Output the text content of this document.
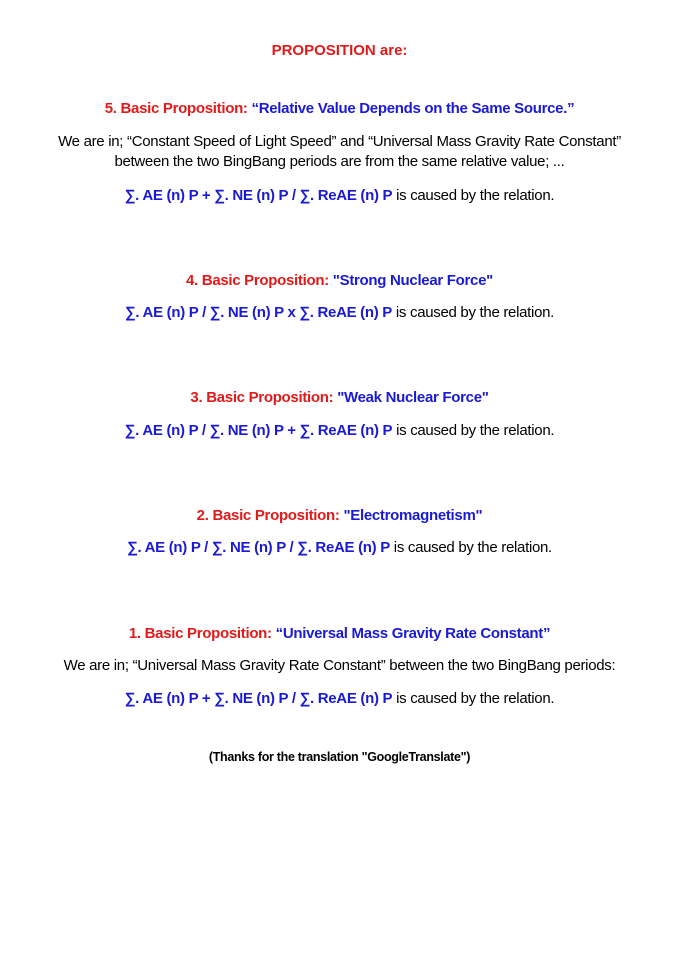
PROPOSITION are:
5. Basic Proposition: “Relative Value Depends on the Same Source.”
We are in; “Constant Speed of Light Speed” and “Universal Mass Gravity Rate Constant” between the two BingBang periods are from the same relative value; ...
∑. AE (n) P + ∑. NE (n) P / ∑. ReAE (n) P is caused by the relation.
4. Basic Proposition: "Strong Nuclear Force"
∑. AE (n) P / ∑. NE (n) P x ∑. ReAE (n) P is caused by the relation.
3. Basic Proposition: "Weak Nuclear Force"
∑. AE (n) P / ∑. NE (n) P + ∑. ReAE (n) P is caused by the relation.
2. Basic Proposition: "Electromagnetism"
∑. AE (n) P / ∑. NE (n) P / ∑. ReAE (n) P is caused by the relation.
1. Basic Proposition: “Universal Mass Gravity Rate Constant”
We are in; “Universal Mass Gravity Rate Constant” between the two BingBang periods:
∑. AE (n) P + ∑. NE (n) P / ∑. ReAE (n) P is caused by the relation.
(Thanks for the translation "GoogleTranslate")
